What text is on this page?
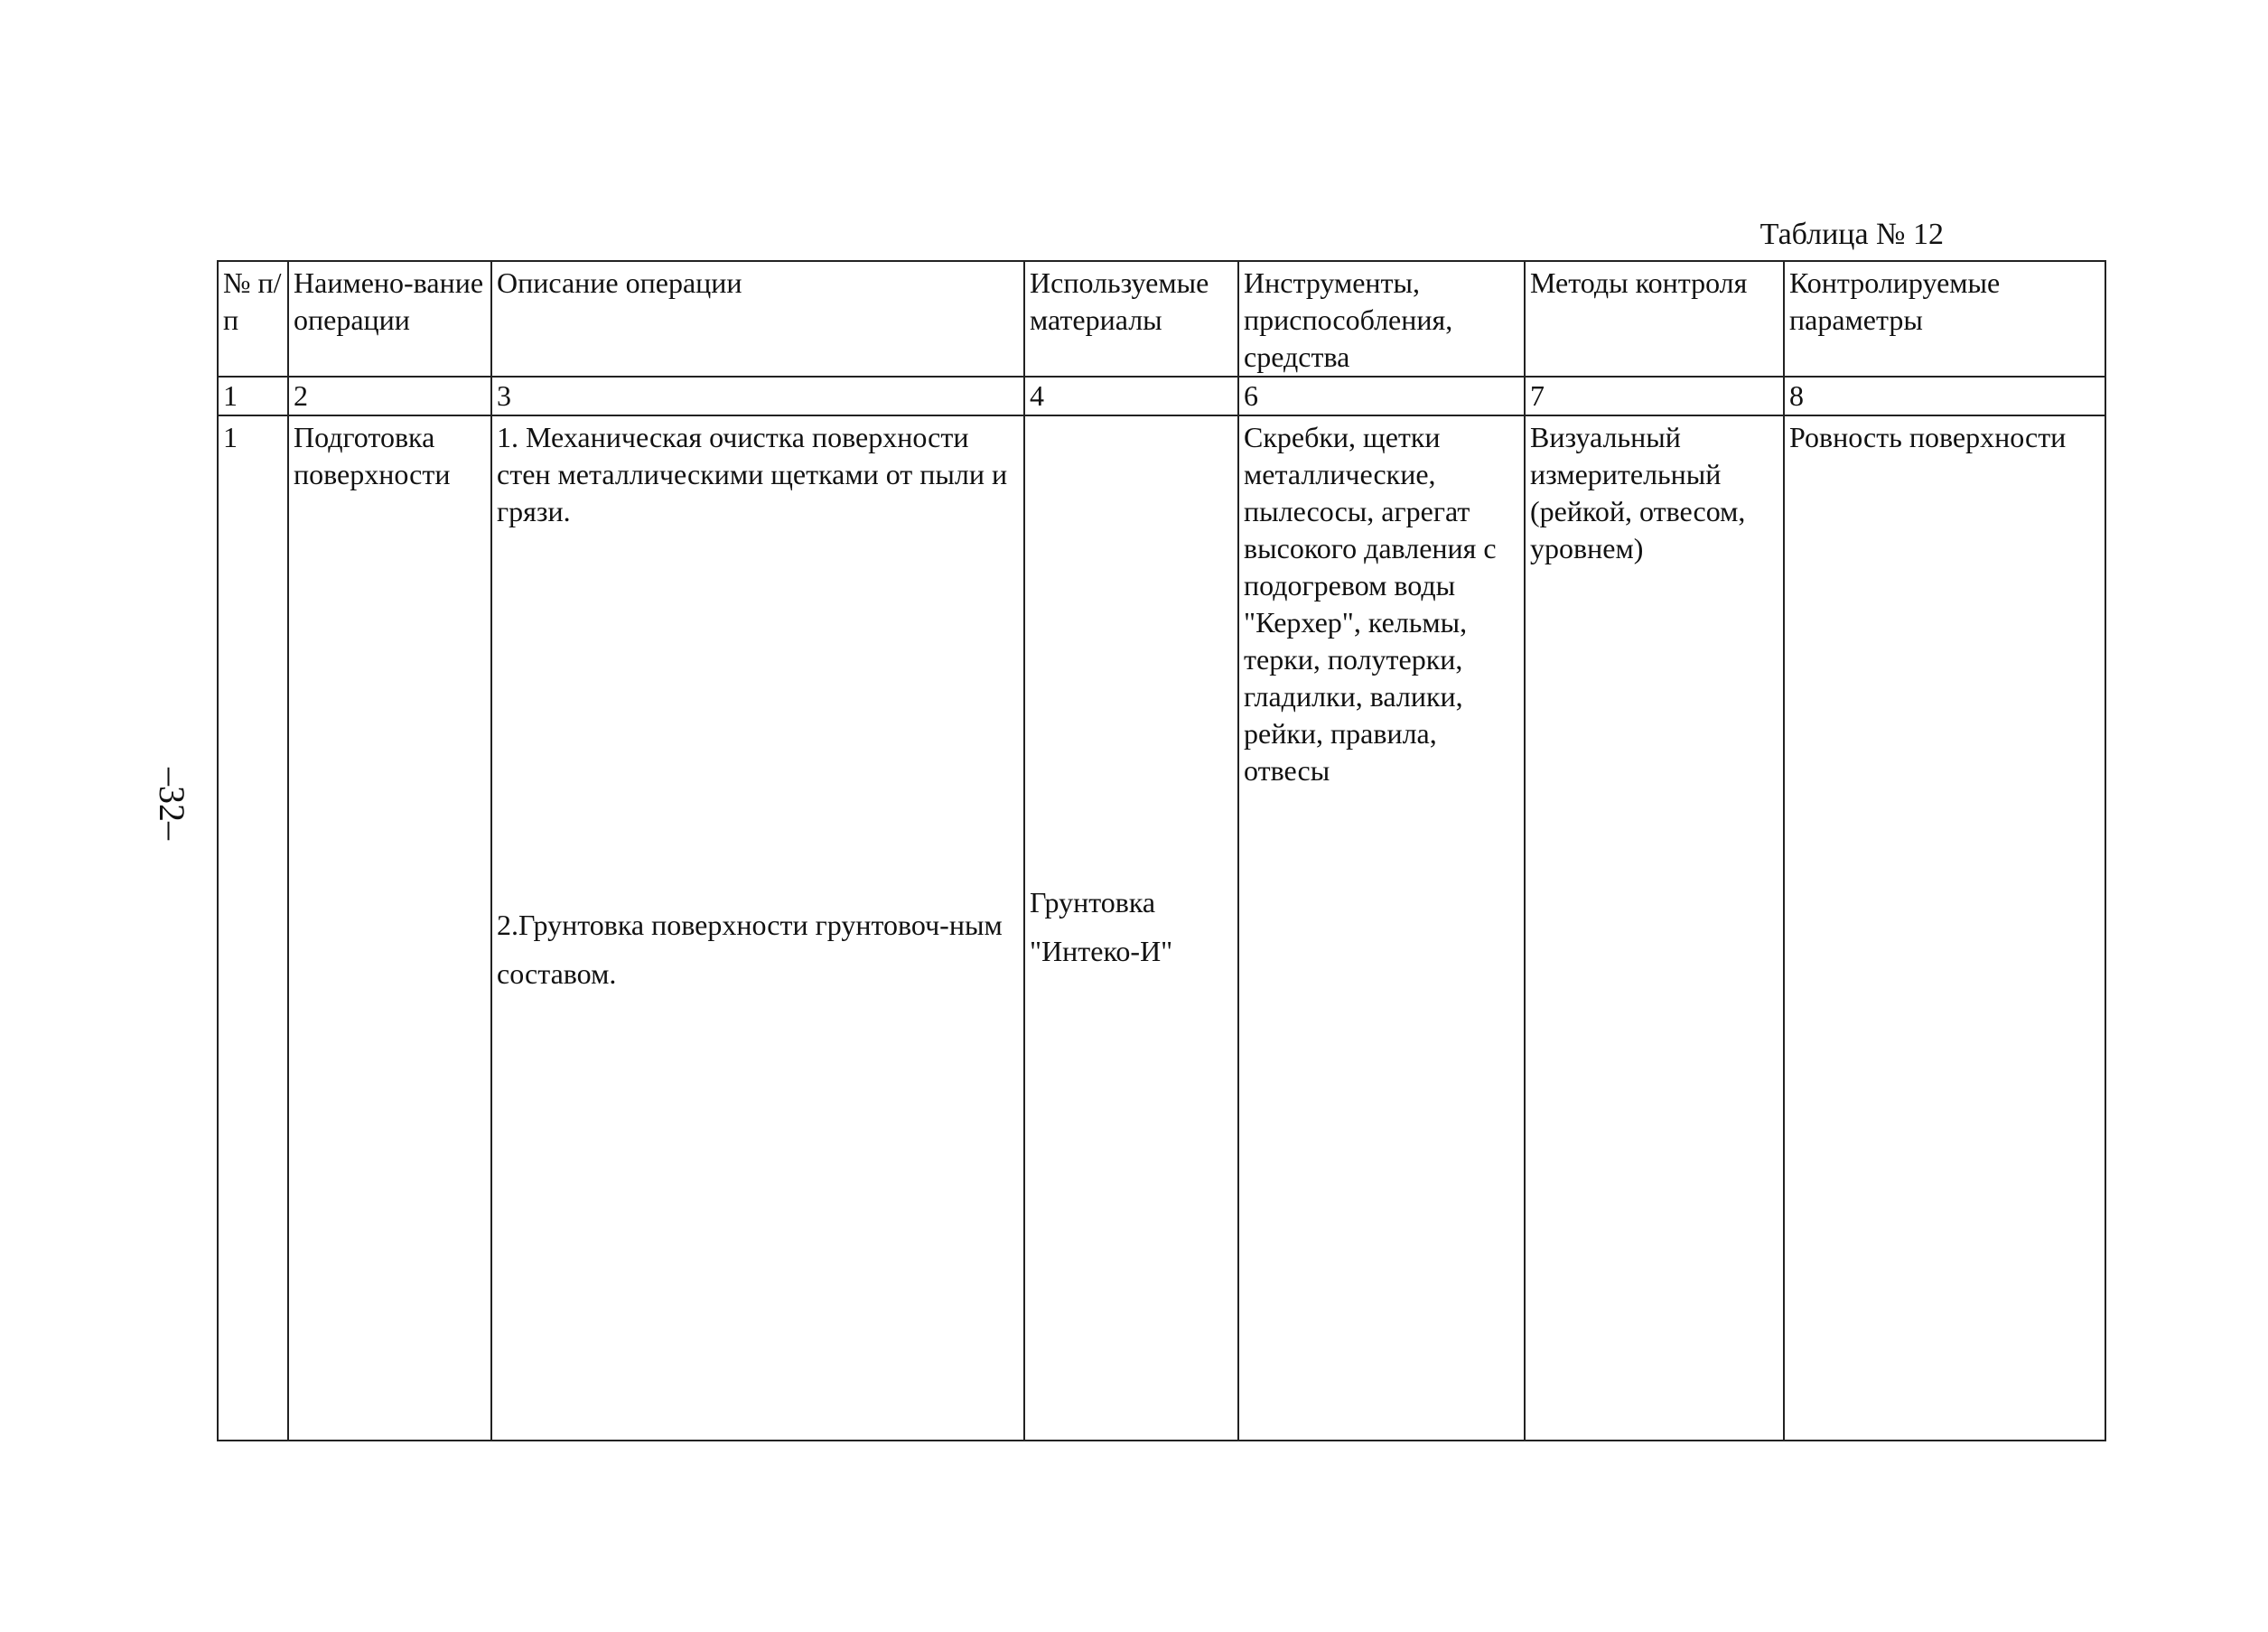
–32–
Таблица № 12
№ п/п	Наимено-вание операции	Описание операции	Используемые материалы	Инструменты, приспособления, средства	Методы контроля	Контролируемые параметры
1	2	3	4	6	7	8
1	Подготовка поверхности	1. Механическая очистка поверхности стен металлическими щетками от пыли и грязи.
2.Грунтовка поверхности грунтовоч-ным составом.	Грунтовка "Интеко-И"	Скребки, щетки металлические, пылесосы, агрегат высокого давления с подогревом воды "Керхер", кельмы, терки, полутерки, гладилки, валики, рейки, правила, отвесы	Визуальный измерительный (рейкой, отвесом, уровнем)	Ровность поверхности
